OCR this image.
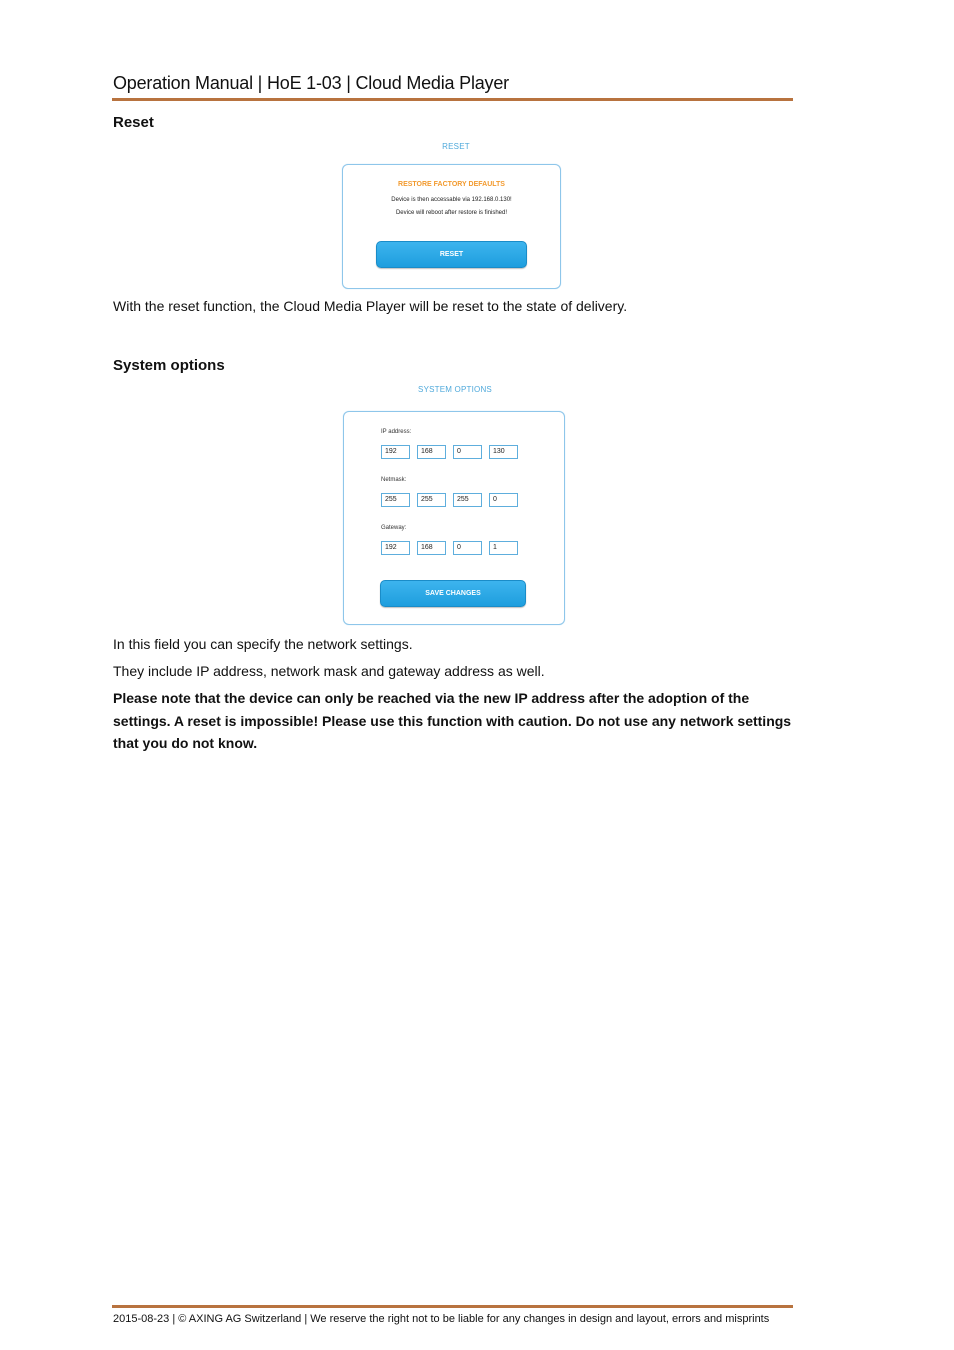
Operation Manual | HoE 1-03 | Cloud Media Player
Reset
RESET
RESTORE FACTORY DEFAULTS
Device is then accessable via 192.168.0.130!
Device will reboot after restore is finished!
RESET
With the reset function, the Cloud Media Player will be reset to the state of delivery.
System options
SYSTEM OPTIONS
IP address:
192	168	0	130
Netmask:
255	255	255	0
Gateway:
192	168	0	1
SAVE CHANGES
In this field you can specify the network settings.
They include IP address, network mask and gateway address as well.
Please note that the device can only be reached via the new IP address after the adoption of the settings. A reset is impossible! Please use this function with caution. Do not use any network settings that you do not know.
2015-08-23 | © AXING AG Switzerland | We reserve the right not to be liable for any changes in design and layout, errors and misprints
